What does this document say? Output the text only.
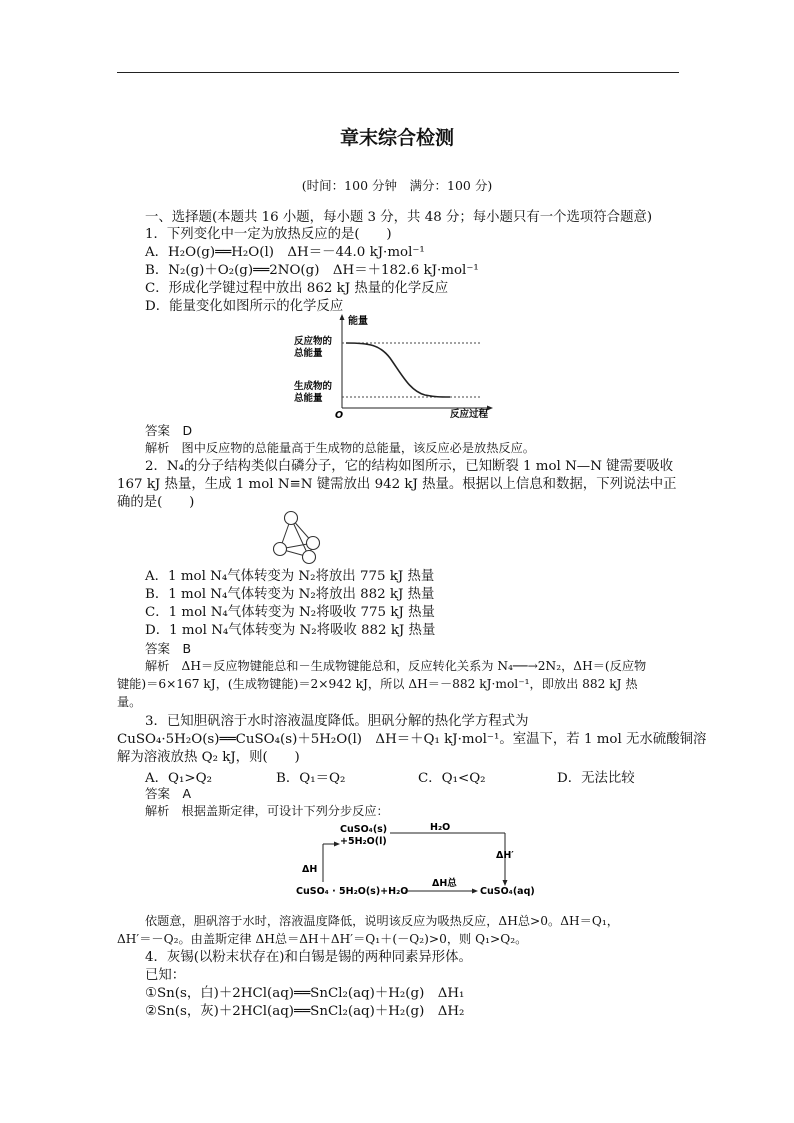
章末综合检测
(时间：100 分钟　满分：100 分)
一、选择题(本题共 16 小题，每小题 3 分，共 48 分；每小题只有一个选项符合题意)
1．下列变化中一定为放热反应的是(　　)
A．H₂O(g)══H₂O(l)　ΔH＝－44.0 kJ·mol⁻¹
B．N₂(g)＋O₂(g)══2NO(g)　ΔH＝＋182.6 kJ·mol⁻¹
C．形成化学键过程中放出 862 kJ 热量的化学反应
D．能量变化如图所示的化学反应
能量
反应物的
总能量
生成物的
总能量
O	反应过程
答案　D
解析　图中反应物的总能量高于生成物的总能量，该反应必是放热反应。
2．N₄的分子结构类似白磷分子，它的结构如图所示，已知断裂 1 mol N—N 键需要吸收
167 kJ 热量，生成 1 mol N≡N 键需放出 942 kJ 热量。根据以上信息和数据，下列说法中正
确的是(　　)
A．1 mol N₄气体转变为 N₂将放出 775 kJ 热量
B．1 mol N₄气体转变为 N₂将放出 882 kJ 热量
C．1 mol N₄气体转变为 N₂将吸收 775 kJ 热量
D．1 mol N₄气体转变为 N₂将吸收 882 kJ 热量
答案　B
解析　ΔH＝反应物键能总和－生成物键能总和，反应转化关系为 N₄──→2N₂，ΔH＝(反应物
键能)＝6×167 kJ，(生成物键能)＝2×942 kJ，所以 ΔH＝－882 kJ·mol⁻¹，即放出 882 kJ 热
量。
3．已知胆矾溶于水时溶液温度降低。胆矾分解的热化学方程式为
CuSO₄·5H₂O(s)══CuSO₄(s)＋5H₂O(l)　ΔH＝＋Q₁ kJ·mol⁻¹。室温下，若 1 mol 无水硫酸铜溶
解为溶液放热 Q₂ kJ，则(　　)
A．Q₁>Q₂	B．Q₁＝Q₂	C．Q₁<Q₂	D．无法比较
答案　A
解析　根据盖斯定律，可设计下列分步反应：
CuSO₄(s)
+5H₂O(l)
H₂O
ΔH′
ΔH
CuSO₄ · 5H₂O(s)+H₂O
ΔH总
CuSO₄(aq)
依题意，胆矾溶于水时，溶液温度降低，说明该反应为吸热反应，ΔH总>0。ΔH＝Q₁，
ΔH′＝－Q₂。由盖斯定律 ΔH总＝ΔH＋ΔH′＝Q₁＋(－Q₂)>0，则 Q₁>Q₂。
4．灰锡(以粉末状存在)和白锡是锡的两种同素异形体。
已知：
①Sn(s，白)＋2HCl(aq)══SnCl₂(aq)＋H₂(g)　ΔH₁
②Sn(s，灰)＋2HCl(aq)══SnCl₂(aq)＋H₂(g)　ΔH₂
